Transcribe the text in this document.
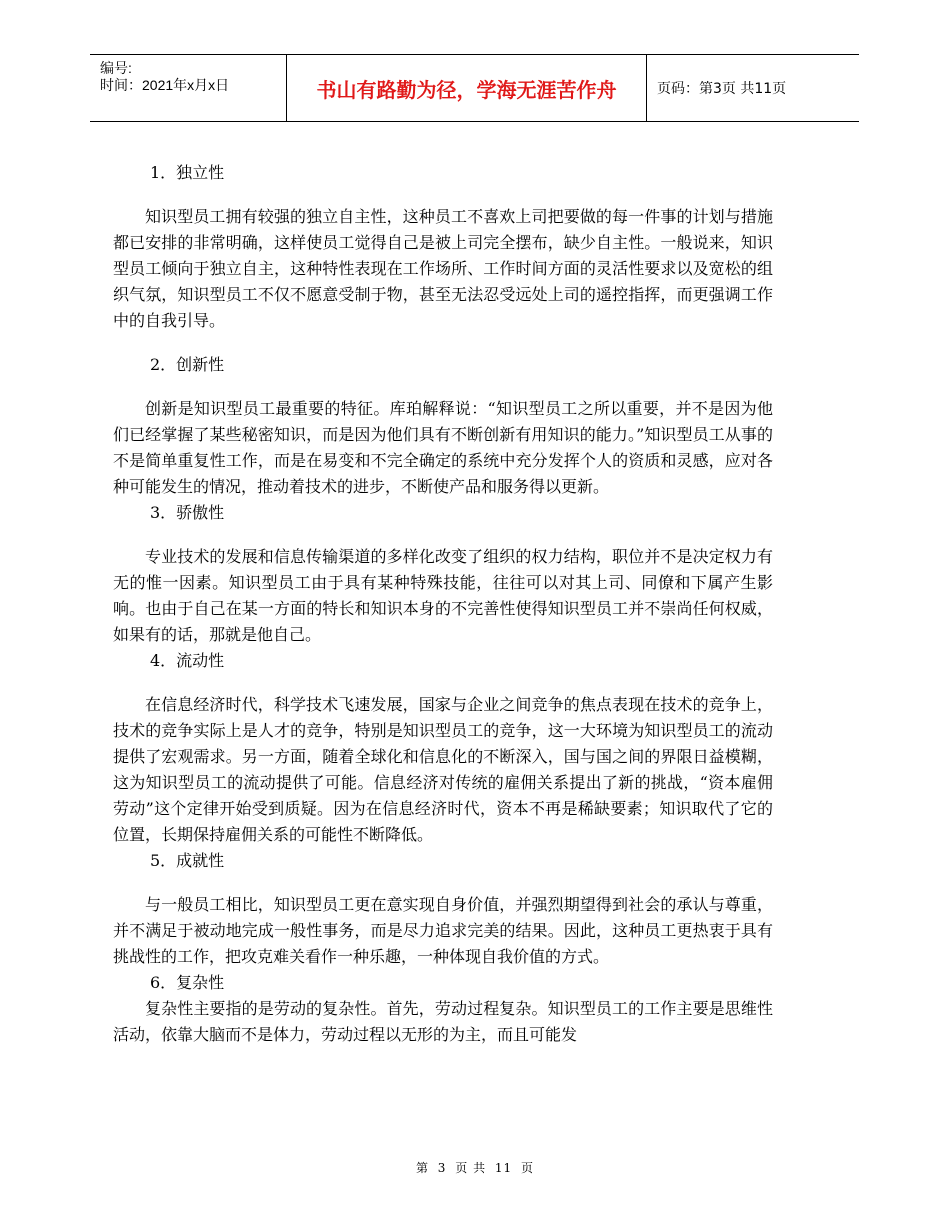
编号:
时间：2021年x月x日	书山有路勤为径，学海无涯苦作舟	页码：第3页 共11页
1．独立性
知识型员工拥有较强的独立自主性，这种员工不喜欢上司把要做的每一件事的计划与措施都已安排的非常明确，这样使员工觉得自己是被上司完全摆布，缺少自主性。一般说来，知识型员工倾向于独立自主，这种特性表现在工作场所、工作时间方面的灵活性要求以及宽松的组织气氛，知识型员工不仅不愿意受制于物，甚至无法忍受远处上司的遥控指挥，而更强调工作中的自我引导。
2．创新性
创新是知识型员工最重要的特征。库珀解释说：“知识型员工之所以重要，并不是因为他们已经掌握了某些秘密知识，而是因为他们具有不断创新有用知识的能力。”知识型员工从事的不是简单重复性工作，而是在易变和不完全确定的系统中充分发挥个人的资质和灵感，应对各种可能发生的情况，推动着技术的进步，不断使产品和服务得以更新。
3．骄傲性
专业技术的发展和信息传输渠道的多样化改变了组织的权力结构，职位并不是决定权力有无的惟一因素。知识型员工由于具有某种特殊技能，往往可以对其上司、同僚和下属产生影响。也由于自己在某一方面的特长和知识本身的不完善性使得知识型员工并不崇尚任何权威，如果有的话，那就是他自己。
4．流动性
在信息经济时代，科学技术飞速发展，国家与企业之间竞争的焦点表现在技术的竞争上，技术的竞争实际上是人才的竞争，特别是知识型员工的竞争，这一大环境为知识型员工的流动提供了宏观需求。另一方面，随着全球化和信息化的不断深入，国与国之间的界限日益模糊，这为知识型员工的流动提供了可能。信息经济对传统的雇佣关系提出了新的挑战，“资本雇佣劳动”这个定律开始受到质疑。因为在信息经济时代，资本不再是稀缺要素；知识取代了它的位置，长期保持雇佣关系的可能性不断降低。
5．成就性
与一般员工相比，知识型员工更在意实现自身价值，并强烈期望得到社会的承认与尊重，并不满足于被动地完成一般性事务，而是尽力追求完美的结果。因此，这种员工更热衷于具有挑战性的工作，把攻克难关看作一种乐趣，一种体现自我价值的方式。
6．复杂性
复杂性主要指的是劳动的复杂性。首先，劳动过程复杂。知识型员工的工作主要是思维性活动，依靠大脑而不是体力，劳动过程以无形的为主，而且可能发
第 3 页 共 11 页
